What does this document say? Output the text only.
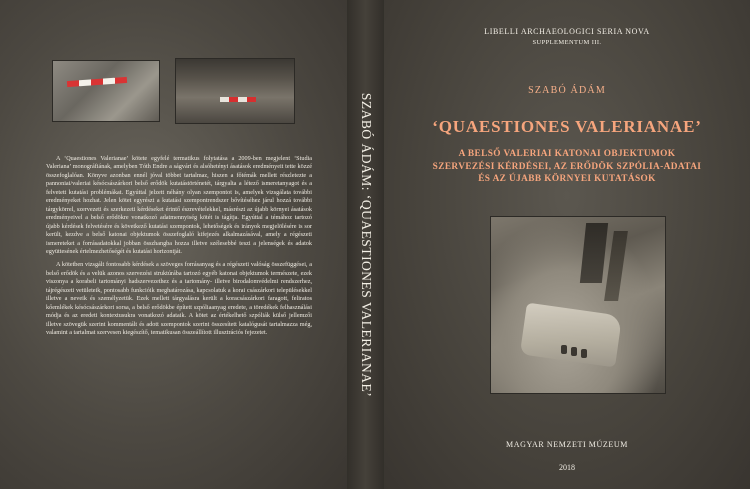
A ‘Quaestiones Valerianae’ kötete egyfelé termatikus folytatása a 2009-ben megjelent ‘Studia Valeriana’ monográfiának, amelyben Tóth Endre a ságvári és alsóhetényi ásatások eredményeit tette közzé összefoglalóan. Könyve azonban ennél jóval többet tartalmaz, hiszen a főtémák mellett részletezte a pannoniai/valeriai késócsászárkori belső erődök kutatástörténetét, tárgyalta a létező ismeretanyagot és a felvetett kutatási problémákat. Egyúttal jelzett néhány olyan szempontot is, amelyek vizsgálata további eredményeket hozhat. Jelen kötet egyrészt a kutatási szempontrendszer bővítéséhez járul hozzá további tárgykörrel, szervezeti és szerkezeti kérdéseket érintő észrevételekkel, másrészt az újabb környei ásatások eredményeivel a belső erődökre vonatkozó adatmennyiség kötét is tágítja. Egyúttal a témához tartozó újabb kérdések felvetésére és következő kutatási szempontok, lehetőségek és irányok megjelölésére is sor került, kezdve a belső katonai objektumok összefoglaló kifejezés alkalmazásával, amely a régészeti ismereteket a forrásadatokkal jobban összhangba hozza illetve szélesebbé teszi a jelenségek és adatok együttesének értelmezhetőségét és kutatási horizontját.

A kötetben vizsgált fontosabb kérdések a szöveges forrásanyag és a régészeti valóság összefüggései, a belső erődök és a velük azonos szervezési struktúrába tartozó egyéb katonai objektumok természete, ezek viszonya a korabeli tartományi hadszervezethez és a tartomány- illetve birodalomvédelmi rendszerhez, tájrégészeti vetületeik, pontosabb funkcióik meghatározása, kapcsolatuk a korai császárkori településekkel illetve a neveik és személyzetük. Ezek mellett tárgyalásra került a koracsászárkori faragott, feliratos kőemlékek késócsászárkori sorsa, a belső erődökbe épített szpóliaanyag eredete, a töredékek felhasználási módja és az eredeti kontextusukra vonatkozó adataik. A kötet az értékelhető szpóliák külső jellemzői illetve szövegük szerint kommentált és adott szempontok szerint összesített katalógusát tartalmazza még, valamint a tartalmat szervesen kiegészítő, tematikusan összeállított illusztrációs fejezetet.	SZABÓ ÁDÁM: ‘QUAESTIONES VALERIANAE’
LIBELLI ARCHAEOLOGICI SERIA NOVA
SUPPLEMENTUM III.
SZABÓ ÁDÁM
‘QUAESTIONES VALERIANAE’
A BELSŐ VALERIAI KATONAI OBJEKTUMOK
SZERVEZÉSI KÉRDÉSEI, AZ ERŐDÖK SZPÓLIA-ADATAI
ÉS AZ ÚJABB KÖRNYEI KUTATÁSOK
MAGYAR NEMZETI MÚZEUM
2018
